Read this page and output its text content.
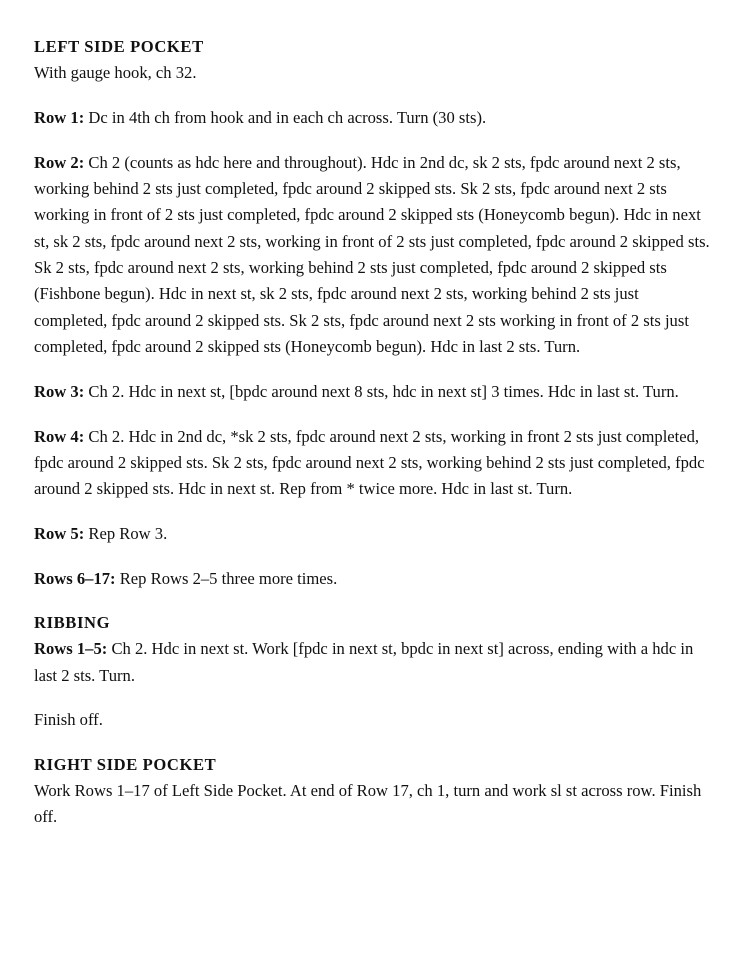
LEFT SIDE POCKET

With gauge hook, ch 32.

Row 1: Dc in 4th ch from hook and in each ch across. Turn (30 sts).

Row 2: Ch 2 (counts as hdc here and throughout). Hdc in 2nd dc, sk 2 sts, fpdc around next 2 sts, working behind 2 sts just completed, fpdc around 2 skipped sts. Sk 2 sts, fpdc around next 2 sts working in front of 2 sts just completed, fpdc around 2 skipped sts (Honeycomb begun). Hdc in next st, sk 2 sts, fpdc around next 2 sts, working in front of 2 sts just completed, fpdc around 2 skipped sts. Sk 2 sts, fpdc around next 2 sts, working behind 2 sts just completed, fpdc around 2 skipped sts (Fishbone begun). Hdc in next st, sk 2 sts, fpdc around next 2 sts, working behind 2 sts just completed, fpdc around 2 skipped sts. Sk 2 sts, fpdc around next 2 sts working in front of 2 sts just completed, fpdc around 2 skipped sts (Honeycomb begun). Hdc in last 2 sts. Turn.

Row 3: Ch 2. Hdc in next st, [bpdc around next 8 sts, hdc in next st] 3 times. Hdc in last st. Turn.

Row 4: Ch 2. Hdc in 2nd dc, *sk 2 sts, fpdc around next 2 sts, working in front 2 sts just completed, fpdc around 2 skipped sts. Sk 2 sts, fpdc around next 2 sts, working behind 2 sts just completed, fpdc around 2 skipped sts. Hdc in next st. Rep from * twice more. Hdc in last st. Turn.

Row 5: Rep Row 3.

Rows 6–17: Rep Rows 2–5 three more times.

RIBBING

Rows 1–5: Ch 2. Hdc in next st. Work [fpdc in next st, bpdc in next st] across, ending with a hdc in last 2 sts. Turn.

Finish off.

RIGHT SIDE POCKET

Work Rows 1–17 of Left Side Pocket. At end of Row 17, ch 1, turn and work sl st across row. Finish off.
